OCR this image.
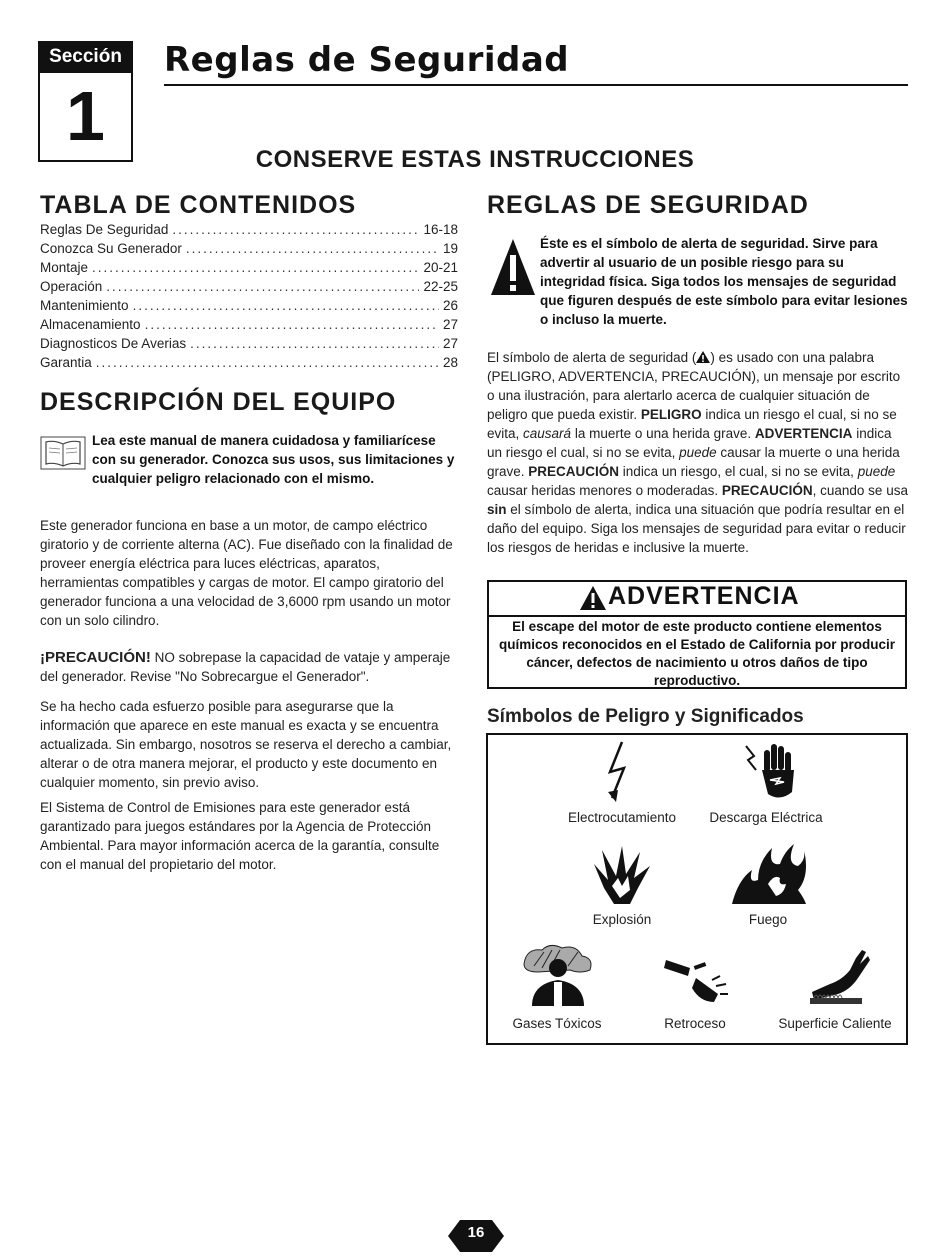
Sección
1
Reglas de Seguridad
CONSERVE ESTAS INSTRUCCIONES
TABLA DE CONTENIDOS
Reglas De Seguridad .....	16-18
Conozca Su Generador .....	19
Montaje .....	20-21
Operación .....	22-25
Mantenimiento .....	26
Almacenamiento .....	27
Diagnosticos De Averias .....	27
Garantia .....	28
DESCRIPCIÓN DEL EQUIPO
Lea este manual de manera cuidadosa y familiarícese con su generador. Conozca sus usos, sus limitaciones y cualquier peligro relacionado con el mismo.
Este generador funciona en base a un motor, de campo eléctrico giratorio y de corriente alterna (AC). Fue diseñado con la finalidad de proveer energía eléctrica para luces eléctricas, aparatos, herramientas compatibles y cargas de motor. El campo giratorio del generador funciona a una velocidad de 3,6000 rpm usando un motor con un solo cilindro.
¡PRECAUCIÓN! NO sobrepase la capacidad de vataje y amperaje del generador. Revise "No Sobrecargue el Generador".
Se ha hecho cada esfuerzo posible para asegurarse que la información que aparece en este manual es exacta y se encuentra actualizada. Sin embargo, nosotros se reserva el derecho a cambiar, alterar o de otra manera mejorar, el producto y este documento en cualquier momento, sin previo aviso.
El Sistema de Control de Emisiones para este generador está garantizado para juegos estándares por la Agencia de Protección Ambiental. Para mayor información acerca de la garantía, consulte con el manual del propietario del motor.
REGLAS DE SEGURIDAD
Éste es el símbolo de alerta de seguridad. Sirve para advertir al usuario de un posible riesgo para su integridad física. Siga todos los mensajes de seguridad que figuren después de este símbolo para evitar lesiones o incluso la muerte.
El símbolo de alerta de seguridad ( ) es usado con una palabra (PELIGRO, ADVERTENCIA, PRECAUCIÓN), un mensaje por escrito o una ilustración, para alertarlo acerca de cualquier situación de peligro que pueda existir. PELIGRO indica un riesgo el cual, si no se evita, causará la muerte o una herida grave. ADVERTENCIA indica un riesgo el cual, si no se evita, puede causar la muerte o una herida grave. PRECAUCIÓN indica un riesgo, el cual, si no se evita, puede causar heridas menores o moderadas. PRECAUCIÓN, cuando se usa sin el símbolo de alerta, indica una situación que podría resultar en el daño del equipo. Siga los mensajes de seguridad para evitar o reducir los riesgos de heridas e inclusive la muerte.
ADVERTENCIA
El escape del motor de este producto contiene elementos químicos reconocidos en el Estado de California por producir cáncer, defectos de nacimiento u otros daños de tipo reproductivo.
Símbolos de Peligro y Significados
Electrocutamiento	Descarga Eléctrica
Explosión	Fuego
Gases Tóxicos	Retroceso	Superficie Caliente
16
